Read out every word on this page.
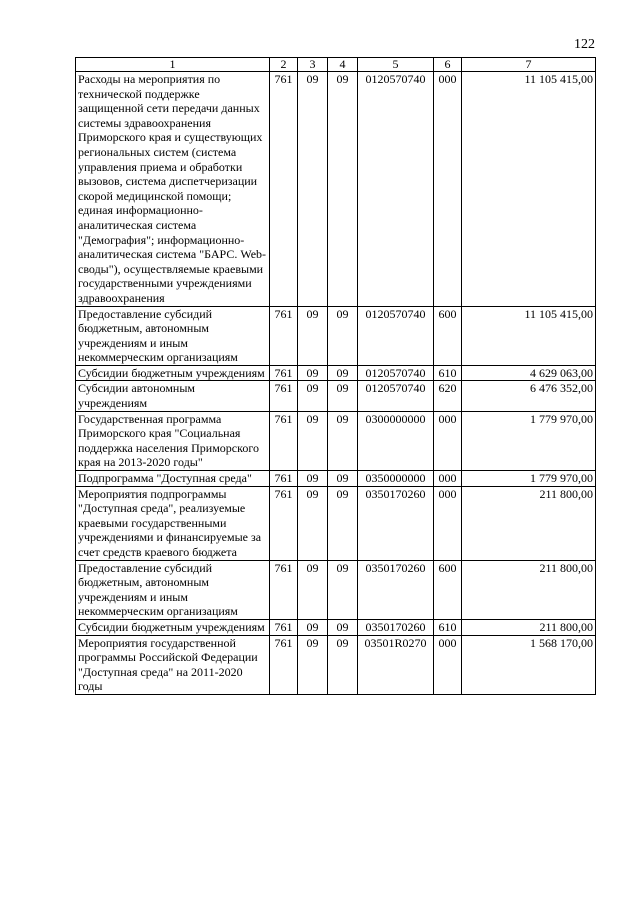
122
1	2	3	4	5	6	7
Расходы на мероприятия по технической поддержке защищенной сети передачи данных системы здравоохранения Приморского края и существующих региональных систем (система управления приема и обработки вызовов, система диспетчеризации скорой медицинской помощи; единая информационно-аналитическая система "Демография"; информационно-аналитическая система "БАРС. Web-своды"), осуществляемые краевыми государственными учреждениями здравоохранения	761	09	09	0120570740	000	11 105 415,00
Предоставление субсидий бюджетным, автономным учреждениям и иным некоммерческим организациям	761	09	09	0120570740	600	11 105 415,00
Субсидии бюджетным учреждениям	761	09	09	0120570740	610	4 629 063,00
Субсидии автономным учреждениям	761	09	09	0120570740	620	6 476 352,00
Государственная программа Приморского края "Социальная поддержка населения Приморского края на 2013-2020 годы"	761	09	09	0300000000	000	1 779 970,00
Подпрограмма "Доступная среда"	761	09	09	0350000000	000	1 779 970,00
Мероприятия подпрограммы "Доступная среда", реализуемые краевыми государственными учреждениями и финансируемые за счет средств краевого бюджета	761	09	09	0350170260	000	211 800,00
Предоставление субсидий бюджетным, автономным учреждениям и иным некоммерческим организациям	761	09	09	0350170260	600	211 800,00
Субсидии бюджетным учреждениям	761	09	09	0350170260	610	211 800,00
Мероприятия государственной программы Российской Федерации "Доступная среда" на 2011-2020 годы	761	09	09	03501R0270	000	1 568 170,00
